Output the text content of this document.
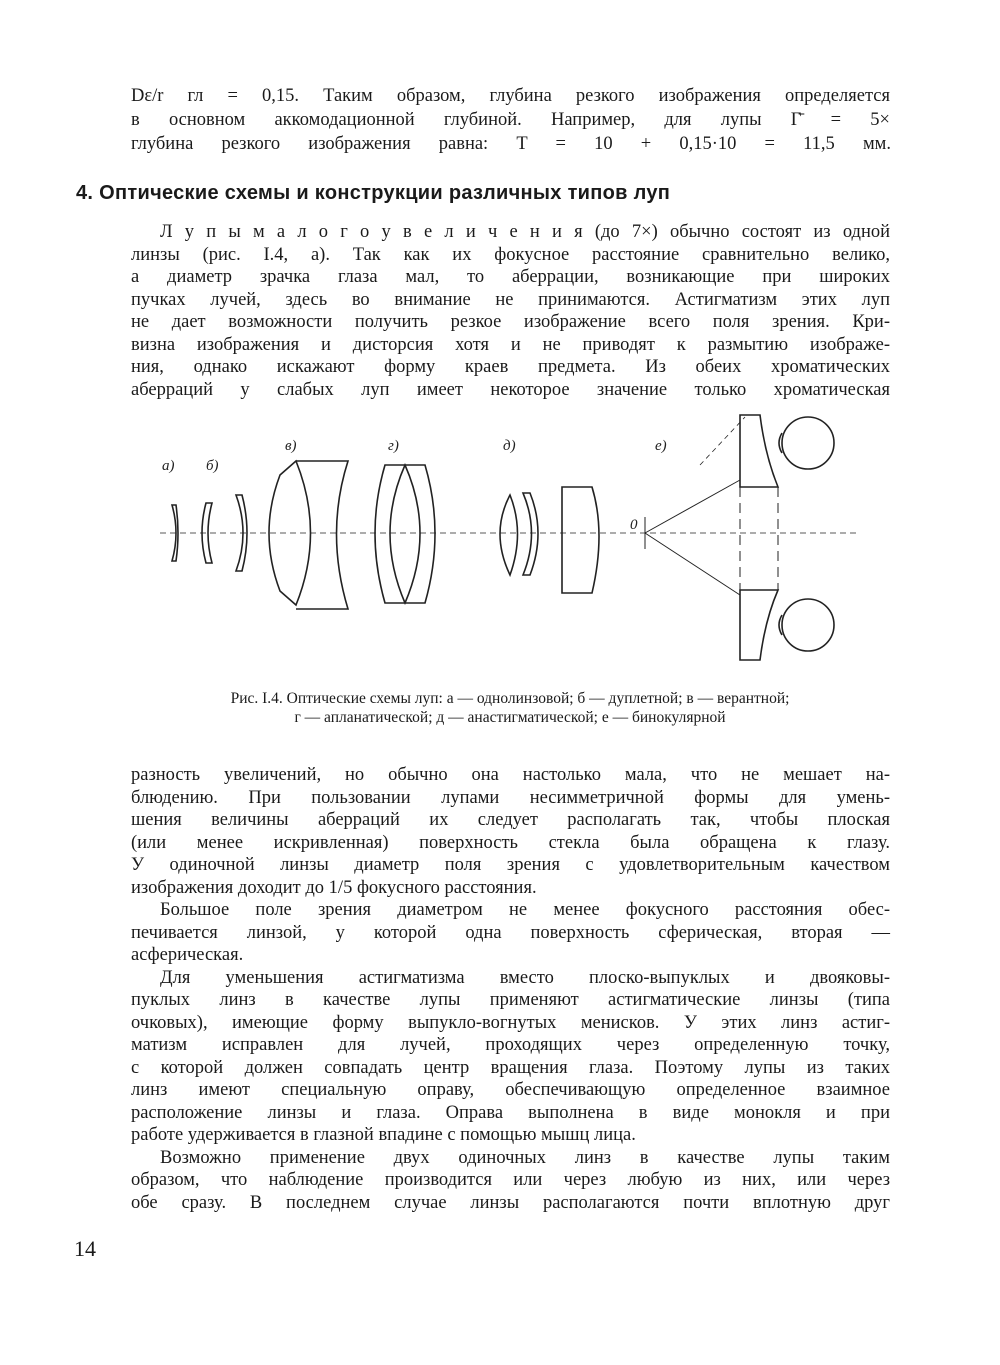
Dε/r гл = 0,15. Таким образом, глубина резкого изображения определяется
в основном аккомодационной глубиной. Например, для лупы Γ̄ = 5×
глубина резкого изображения равна: T = 10 + 0,15·10 = 11,5 мм.
4. Оптические схемы и конструкции различных типов луп
Л у п ы м а л о г о у в е л и ч е н и я (до 7×) обычно состоят из одной
линзы (рис. I.4, а). Так как их фокусное расстояние сравнительно велико,
а диаметр зрачка глаза мал, то аберрации, возникающие при широких
пучках лучей, здесь во внимание не принимаются. Астигматизм этих луп
не дает возможности получить резкое изображение всего поля зрения. Кри-
визна изображения и дисторсия хотя и не приводят к размытию изображе-
ния, однако искажают форму краев предмета. Из обеих хроматических
аберраций у слабых луп имеет некоторое значение только хроматическая
а) б)
в)	г)	д)	е)
0
Рис. I.4. Оптические схемы луп: а — однолинзовой; б — дуплетной; в — верантной;
г — апланатической; д — анастигматической; е — бинокулярной
разность увеличений, но обычно она настолько мала, что не мешает на-
блюдению. При пользовании лупами несимметричной формы для умень-
шения величины аберраций их следует располагать так, чтобы плоская
(или менее искривленная) поверхность стекла была обращена к глазу.
У одиночной линзы диаметр поля зрения с удовлетворительным качеством
изображения доходит до 1/5 фокусного расстояния.
Большое поле зрения диаметром не менее фокусного расстояния обес-
печивается линзой, у которой одна поверхность сферическая, вторая —
асферическая.
Для уменьшения астигматизма вместо плоско-выпуклых и двояковы-
пуклых линз в качестве лупы применяют астигматические линзы (типа
очковых), имеющие форму выпукло-вогнутых менисков. У этих линз астиг-
матизм исправлен для лучей, проходящих через определенную точку,
с которой должен совпадать центр вращения глаза. Поэтому лупы из таких
линз имеют специальную оправу, обеспечивающую определенное взаимное
расположение линзы и глаза. Оправа выполнена в виде монокля и при
работе удерживается в глазной впадине с помощью мышц лица.
Возможно применение двух одиночных линз в качестве лупы таким
образом, что наблюдение производится или через любую из них, или через
обе сразу. В последнем случае линзы располагаются почти вплотную друг
14
